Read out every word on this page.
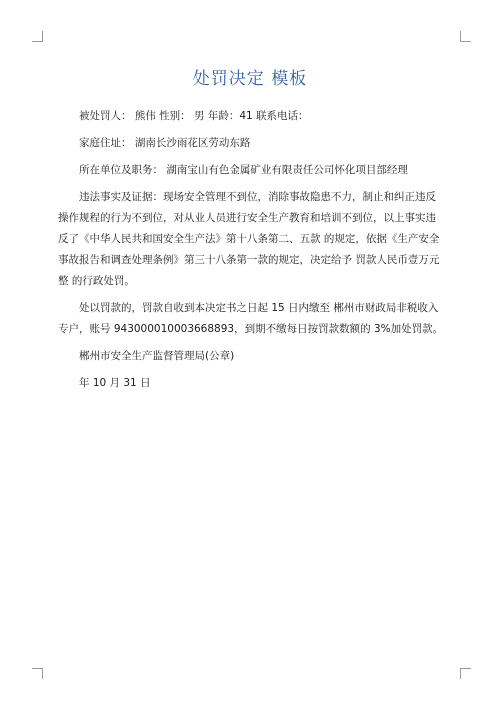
处罚决定 模板

被处罚人： 熊伟 性别： 男 年龄：41 联系电话：

家庭住址： 湖南长沙雨花区劳动东路

所在单位及职务： 湖南宝山有色金属矿业有限责任公司怀化项目部经理

违法事实及证据：现场安全管理不到位，消除事故隐患不力，制止和纠正违反操作规程的行为不到位，对从业人员进行安全生产教育和培训不到位，以上事实违反了《中华人民共和国安全生产法》第十八条第二、五款 的规定，依据《生产安全事故报告和调查处理条例》第三十八条第一款的规定，决定给予 罚款人民币壹万元整 的行政处罚。

处以罚款的，罚款自收到本决定书之日起 15 日内缴至 郴州市财政局非税收入专户，账号 943000010003668893，到期不缴每日按罚款数额的 3%加处罚款。

郴州市安全生产监督管理局(公章)

年 10 月 31 日
